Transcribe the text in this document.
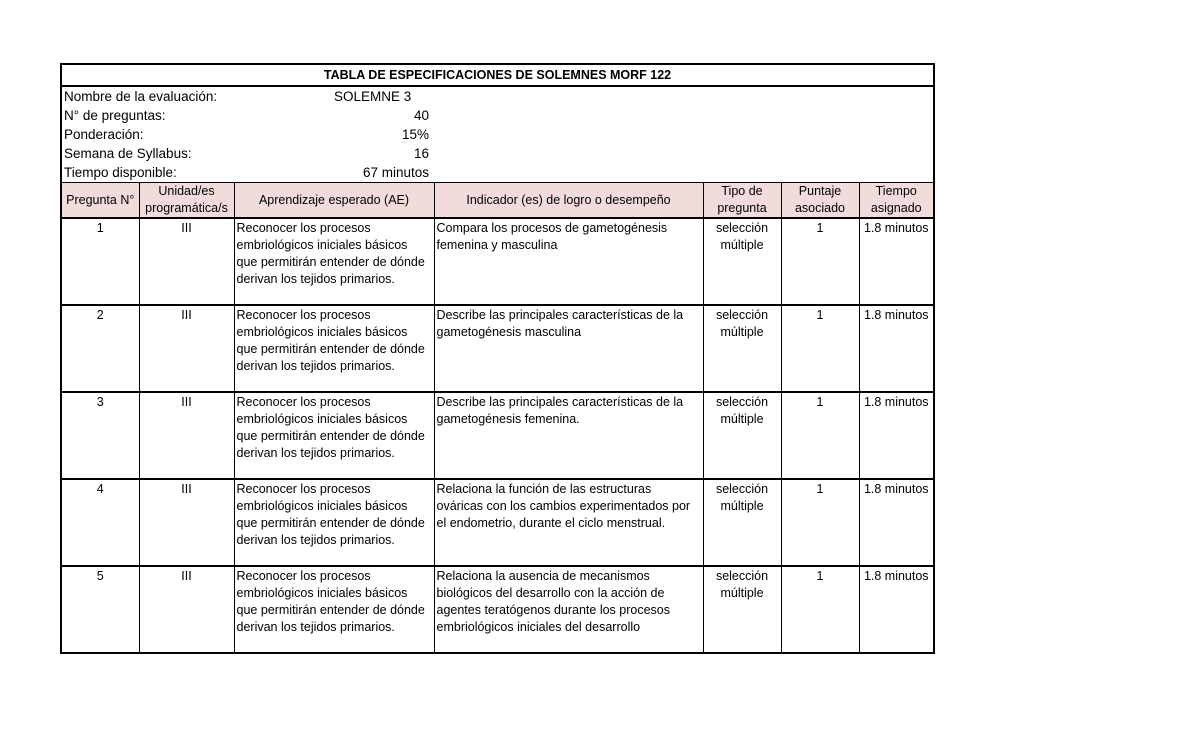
TABLA DE ESPECIFICACIONES DE SOLEMNES MORF 122
Nombre de la evaluación:	SOLEMNE 3
N° de preguntas:	40
Ponderación:	15%
Semana de Syllabus:	16
Tiempo disponible:	67 minutos
Pregunta N°	Unidad/es programática/s	Aprendizaje esperado (AE)	Indicador (es) de logro o desempeño	Tipo de pregunta	Puntaje asociado	Tiempo asignado
1	III	Reconocer los procesos embriológicos iniciales básicos que permitirán entender de dónde derivan los tejidos primarios.	Compara los procesos de gametogénesis femenina y masculina	selección múltiple	1	1.8 minutos
2	III	Reconocer los procesos embriológicos iniciales básicos que permitirán entender de dónde derivan los tejidos primarios.	Describe las principales características de la gametogénesis masculina	selección múltiple	1	1.8 minutos
3	III	Reconocer los procesos embriológicos iniciales básicos que permitirán entender de dónde derivan los tejidos primarios.	Describe las principales características de la gametogénesis femenina.	selección múltiple	1	1.8 minutos
4	III	Reconocer los procesos embriológicos iniciales básicos que permitirán entender de dónde derivan los tejidos primarios.	Relaciona la función de las estructuras ováricas con los cambios experimentados por el endometrio, durante el ciclo menstrual.	selección múltiple	1	1.8 minutos
5	III	Reconocer los procesos embriológicos iniciales básicos que permitirán entender de dónde derivan los tejidos primarios.	Relaciona la ausencia de mecanismos biológicos del desarrollo con la acción de agentes teratógenos durante los procesos embriológicos iniciales del desarrollo	selección múltiple	1	1.8 minutos
